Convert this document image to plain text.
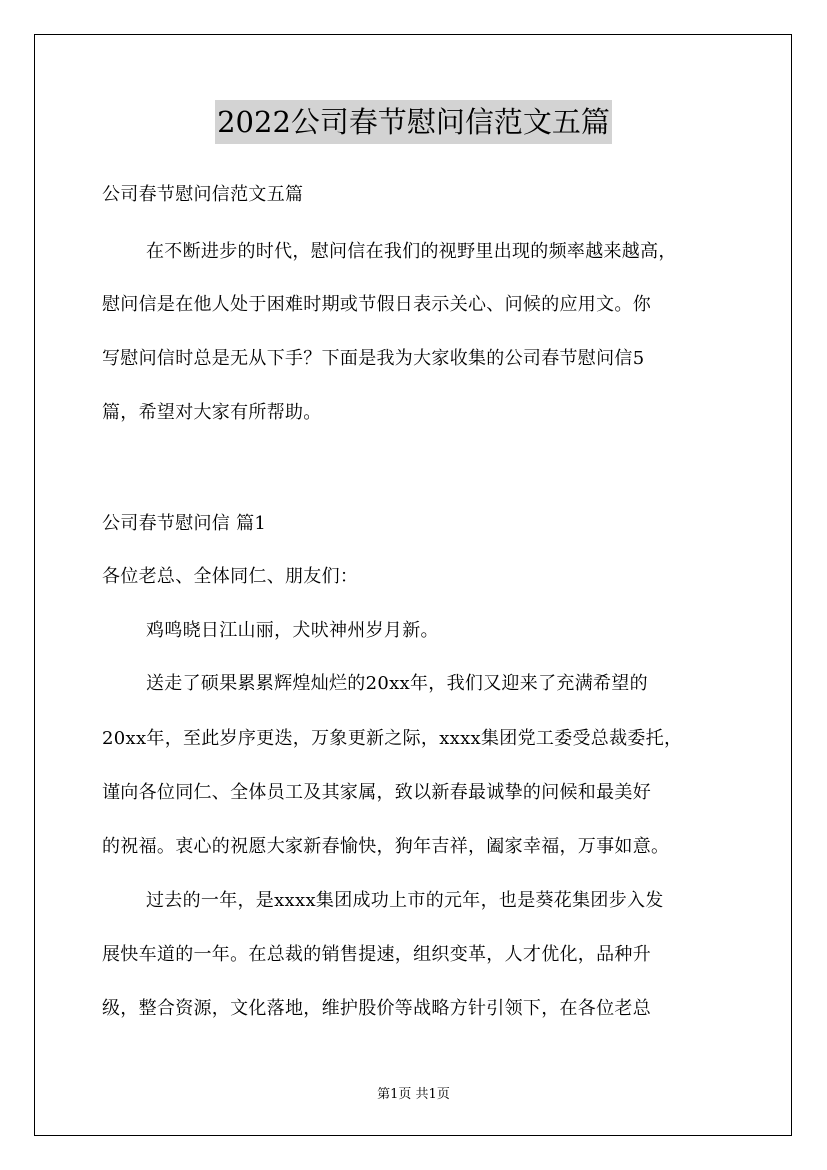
2022公司春节慰问信范文五篇
公司春节慰问信范文五篇
在不断进步的时代，慰问信在我们的视野里出现的频率越来越高，
慰问信是在他人处于困难时期或节假日表示关心、问候的应用文。你
写慰问信时总是无从下手？下面是我为大家收集的公司春节慰问信5
篇，希望对大家有所帮助。
公司春节慰问信 篇1
各位老总、全体同仁、朋友们：
鸡鸣晓日江山丽，犬吠神州岁月新。
送走了硕果累累辉煌灿烂的20xx年，我们又迎来了充满希望的
20xx年，至此岁序更迭，万象更新之际，xxxx集团党工委受总裁委托，
谨向各位同仁、全体员工及其家属，致以新春最诚挚的问候和最美好
的祝福。衷心的祝愿大家新春愉快，狗年吉祥，阖家幸福，万事如意。
过去的一年，是xxxx集团成功上市的元年，也是葵花集团步入发
展快车道的一年。在总裁的销售提速，组织变革，人才优化，品种升
级，整合资源，文化落地，维护股价等战略方针引领下，在各位老总
第1页 共1页
